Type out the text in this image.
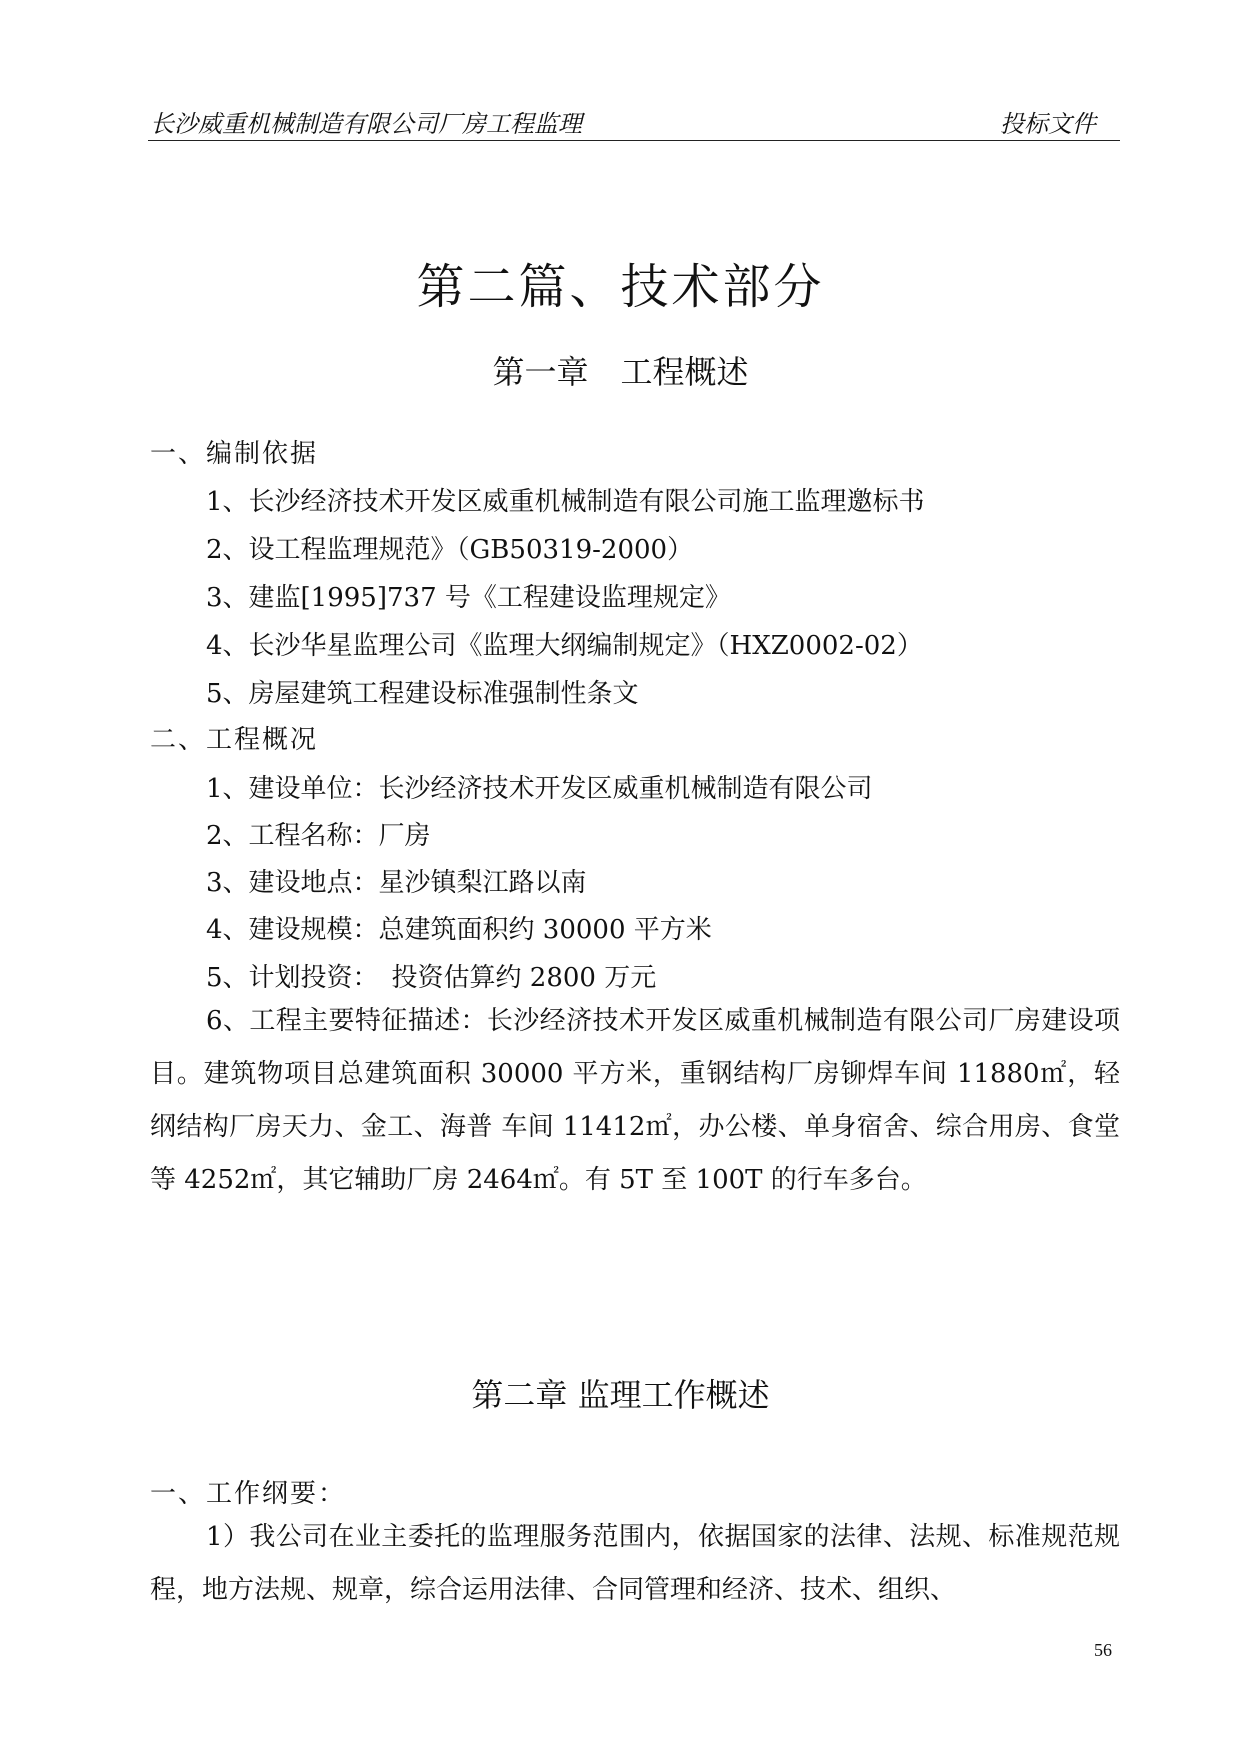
长沙威重机械制造有限公司厂房工程监理	投标文件
第二篇、技术部分
第一章　工程概述
一、编制依据
1、长沙经济技术开发区威重机械制造有限公司施工监理邀标书
2、设工程监理规范》（GB50319-2000）
3、建监[1995]737 号《工程建设监理规定》
4、长沙华星监理公司《监理大纲编制规定》（HXZ0002-02）
5、房屋建筑工程建设标准强制性条文
二、工程概况
1、建设单位：长沙经济技术开发区威重机械制造有限公司
2、工程名称：厂房
3、建设地点：星沙镇梨江路以南
4、建设规模：总建筑面积约 30000 平方米
5、计划投资：　投资估算约 2800 万元
6、工程主要特征描述：长沙经济技术开发区威重机械制造有限公司厂房建设项目。建筑物项目总建筑面积 30000 平方米，重钢结构厂房铆焊车间 11880㎡，轻纲结构厂房天力、金工、海普 车间 11412㎡，办公楼、单身宿舍、综合用房、食堂等 4252㎡，其它辅助厂房 2464㎡。有 5T 至 100T 的行车多台。
第二章 监理工作概述
一、工作纲要：
1）我公司在业主委托的监理服务范围内，依据国家的法律、法规、标准规范规程，地方法规、规章，综合运用法律、合同管理和经济、技术、组织、
56
